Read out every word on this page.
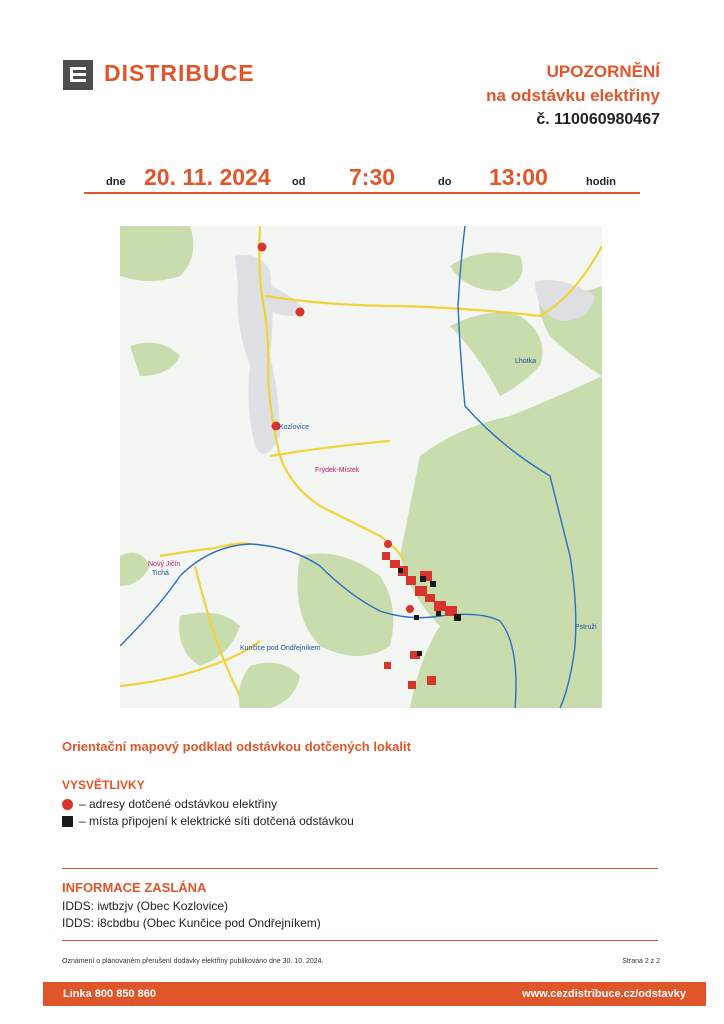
DISTRIBUCE	UPOZORNĚNÍ
na odstávku elektřiny
č. 110060980467
dne 20. 11. 2024 od 7:30	do 13:00	hodin
Kozlovice
Frýdek-Místek
Lhotka
Nový Jičín
Tichá
Kunčice pod Ondřejníkem
Pstruží
Orientační mapový podklad odstávkou dotčených lokalit
VYSVĚTLIVKY
– adresy dotčené odstávkou elektřiny
– místa připojení k elektrické síti dotčená odstávkou
INFORMACE ZASLÁNA
IDDS: iwtbzjv (Obec Kozlovice)
IDDS: i8cbdbu (Obec Kunčice pod Ondřejníkem)
Oznámení o plánovaném přerušení dodávky elektřiny publikováno dne 30. 10. 2024.	Strana 2 z 2
Linka 800 850 860	www.cezdistribuce.cz/odstavky
